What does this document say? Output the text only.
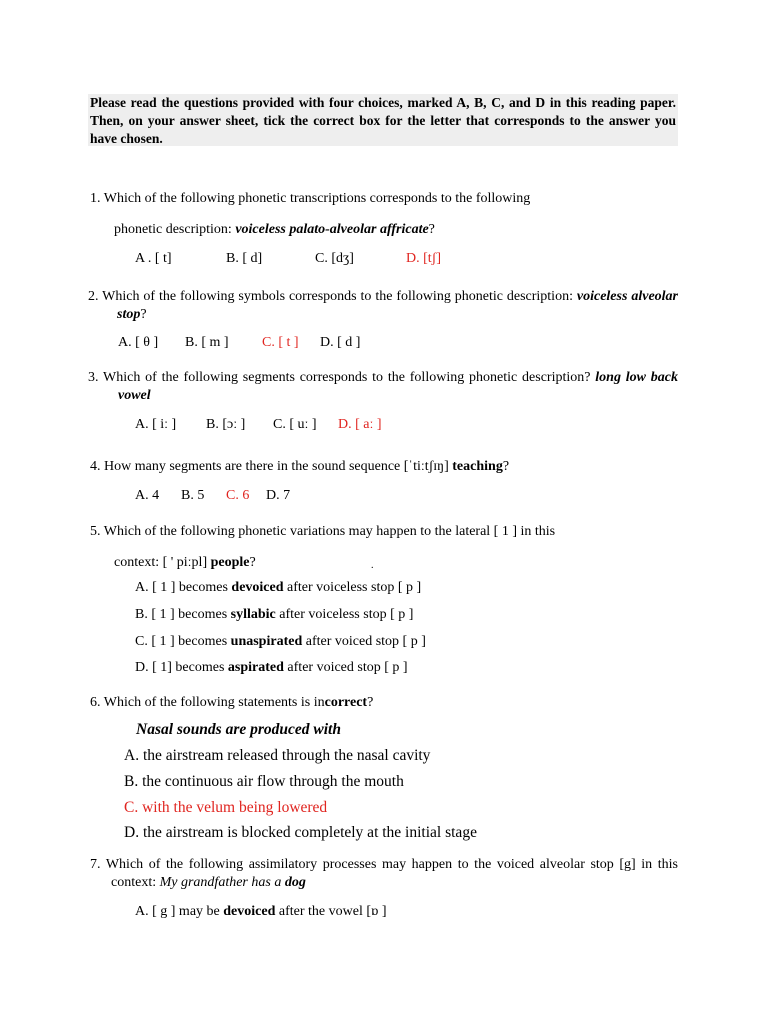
Please read the questions provided with four choices, marked A, B, C, and D in this reading paper. Then, on your answer sheet, tick the correct box for the letter that corresponds to the answer you have chosen.
1. Which of the following phonetic transcriptions corresponds to the following
phonetic description: voiceless palato-alveolar affricate?
A . [ t]	B. [ d]	C. [dʒ]	D. [tʃ]
2. Which of the following symbols corresponds to the following phonetic description: voiceless alveolar
stop?
A. [ θ ] B. [ m ] C. [ t ] D. [ d ]
3. Which of the following segments corresponds to the following phonetic description? long low back
vowel
A. [ iː ] B. [ɔː ] C. [ uː ] D. [ aː ]
4. How many segments are there in the sound sequence [ˈtiːtʃɪŋ] teaching?
A. 4 B. 5 C. 6 D. 7
5. Which of the following phonetic variations may happen to the lateral [ 1 ] in this
context: [ ' piːpl] people?	.
A. [ 1 ] becomes devoiced after voiceless stop [ p ]
B. [ 1 ] becomes syllabic after voiceless stop [ p ]
C. [ 1 ] becomes unaspirated after voiced stop [ p ]
D. [ 1] becomes aspirated after voiced stop [ p ]
6. Which of the following statements is incorrect?
Nasal sounds are produced with
A. the airstream released through the nasal cavity
B. the continuous air flow through the mouth
C. with the velum being lowered
D. the airstream is blocked completely at the initial stage
7. Which of the following assimilatory processes may happen to the voiced alveolar stop [g] in this
context: My grandfather has a dog
A. [ g ] may be devoiced after the vowel [ɒ ]
